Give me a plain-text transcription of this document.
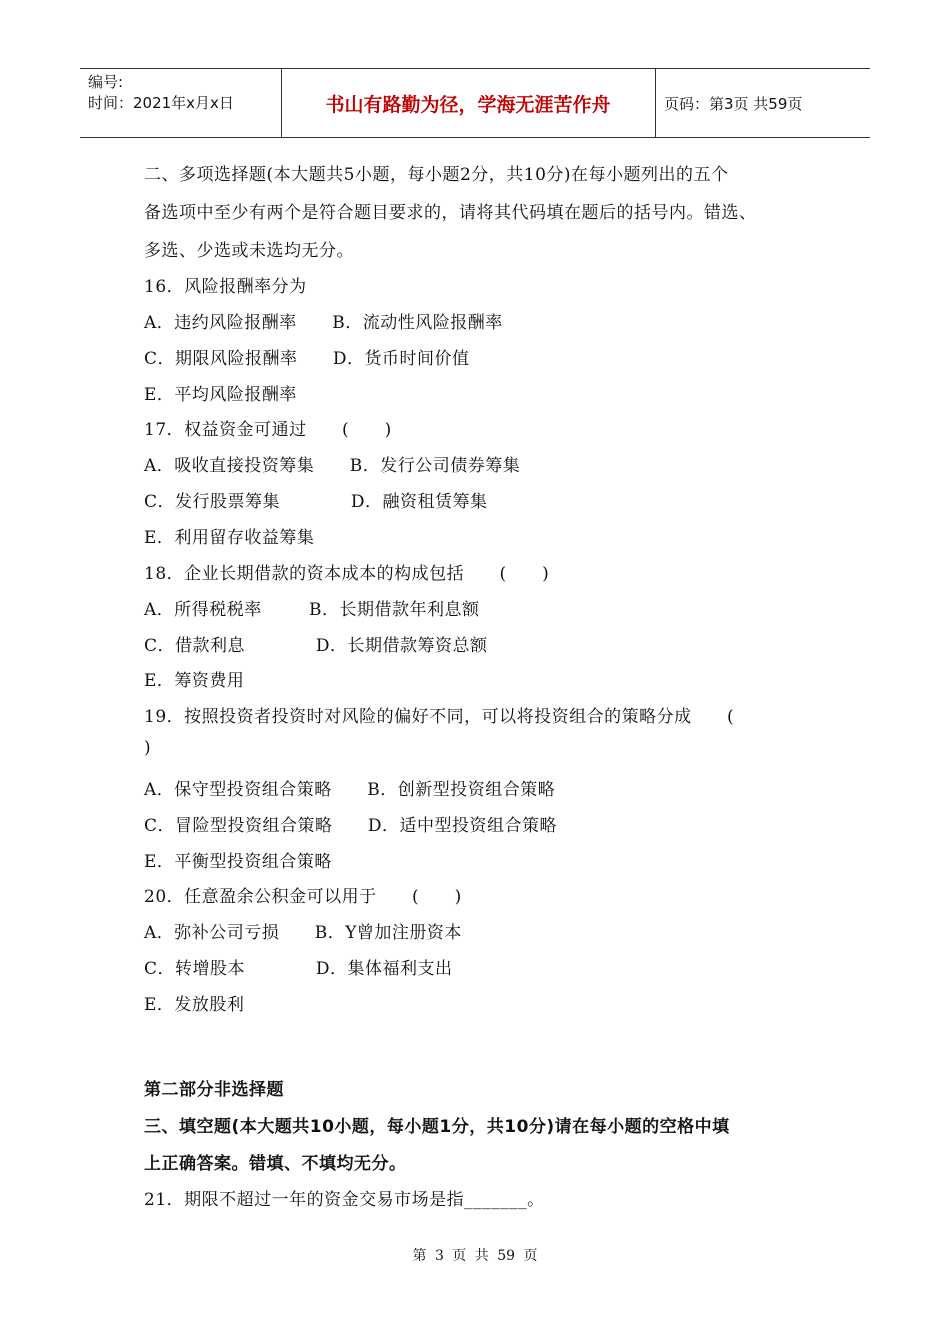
编号:
时间：2021年x月x日	书山有路勤为径，学海无涯苦作舟	页码：第3页 共59页
二、多项选择题(本大题共5小题，每小题2分，共10分)在每小题列出的五个
备选项中至少有两个是符合题目要求的，请将其代码填在题后的括号内。错选、
多选、少选或未选均无分。
16．风险报酬率分为
A．违约风险报酬率      B．流动性风险报酬率
C．期限风险报酬率      D．货币时间价值
E．平均风险报酬率
17．权益资金可通过      (      )
A．吸收直接投资筹集      B．发行公司债券筹集
C．发行股票筹集            D．融资租赁筹集
E．利用留存收益筹集
18．企业长期借款的资本成本的构成包括      (      )
A．所得税税率        B．长期借款年利息额
C．借款利息            D．长期借款筹资总额
E．筹资费用
19．按照投资者投资时对风险的偏好不同，可以将投资组合的策略分成      (
)
A．保守型投资组合策略      B．创新型投资组合策略
C．冒险型投资组合策略      D．适中型投资组合策略
E．平衡型投资组合策略
20．任意盈余公积金可以用于      (      )
A．弥补公司亏损      B．Y曾加注册资本
C．转增股本            D．集体福利支出
E．发放股利
第二部分非选择题
三、填空题(本大题共10小题，每小题1分，共10分)请在每小题的空格中填
上正确答案。错填、不填均无分。
21．期限不超过一年的资金交易市场是指_______。
第 3 页 共 59 页
